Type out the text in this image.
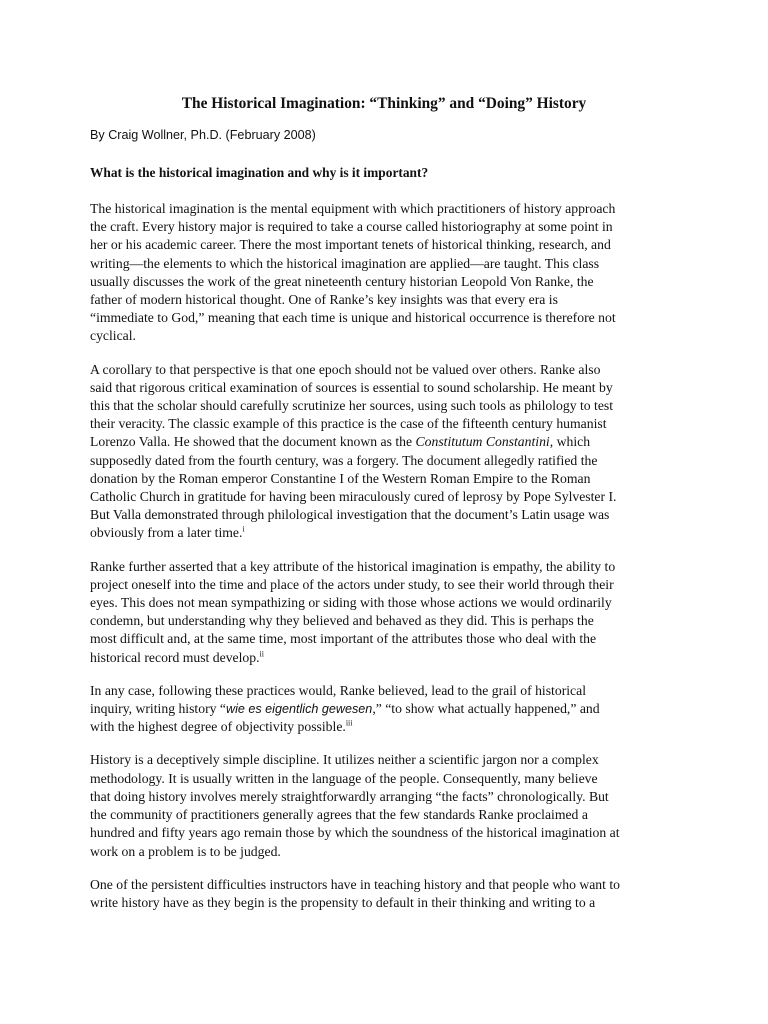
The Historical Imagination: “Thinking” and “Doing” History

By Craig Wollner, Ph.D. (February 2008)

What is the historical imagination and why is it important?

The historical imagination is the mental equipment with which practitioners of history approach
the craft. Every history major is required to take a course called historiography at some point in
her or his academic career. There the most important tenets of historical thinking, research, and
writing—the elements to which the historical imagination are applied—are taught. This class
usually discusses the work of the great nineteenth century historian Leopold Von Ranke, the
father of modern historical thought. One of Ranke’s key insights was that every era is
“immediate to God,” meaning that each time is unique and historical occurrence is therefore not
cyclical.

A corollary to that perspective is that one epoch should not be valued over others. Ranke also
said that rigorous critical examination of sources is essential to sound scholarship. He meant by
this that the scholar should carefully scrutinize her sources, using such tools as philology to test
their veracity. The classic example of this practice is the case of the fifteenth century humanist
Lorenzo Valla. He showed that the document known as the Constitutum Constantini, which
supposedly dated from the fourth century, was a forgery. The document allegedly ratified the
donation by the Roman emperor Constantine I of the Western Roman Empire to the Roman
Catholic Church in gratitude for having been miraculously cured of leprosy by Pope Sylvester I.
But Valla demonstrated through philological investigation that the document’s Latin usage was
obviously from a later time.$^i$

Ranke further asserted that a key attribute of the historical imagination is empathy, the ability to
project oneself into the time and place of the actors under study, to see their world through their
eyes. This does not mean sympathizing or siding with those whose actions we would ordinarily
condemn, but understanding why they believed and behaved as they did. This is perhaps the
most difficult and, at the same time, most important of the attributes those who deal with the
historical record must develop.$^{ii}$

In any case, following these practices would, Ranke believed, lead to the grail of historical
inquiry, writing history “wie es eigentlich gewesen,” “to show what actually happened,” and
with the highest degree of objectivity possible.$^{iii}$

History is a deceptively simple discipline. It utilizes neither a scientific jargon nor a complex
methodology. It is usually written in the language of the people. Consequently, many believe
that doing history involves merely straightforwardly arranging “the facts” chronologically. But
the community of practitioners generally agrees that the few standards Ranke proclaimed a
hundred and fifty years ago remain those by which the soundness of the historical imagination at
work on a problem is to be judged.

One of the persistent difficulties instructors have in teaching history and that people who want to
write history have as they begin is the propensity to default in their thinking and writing to a
